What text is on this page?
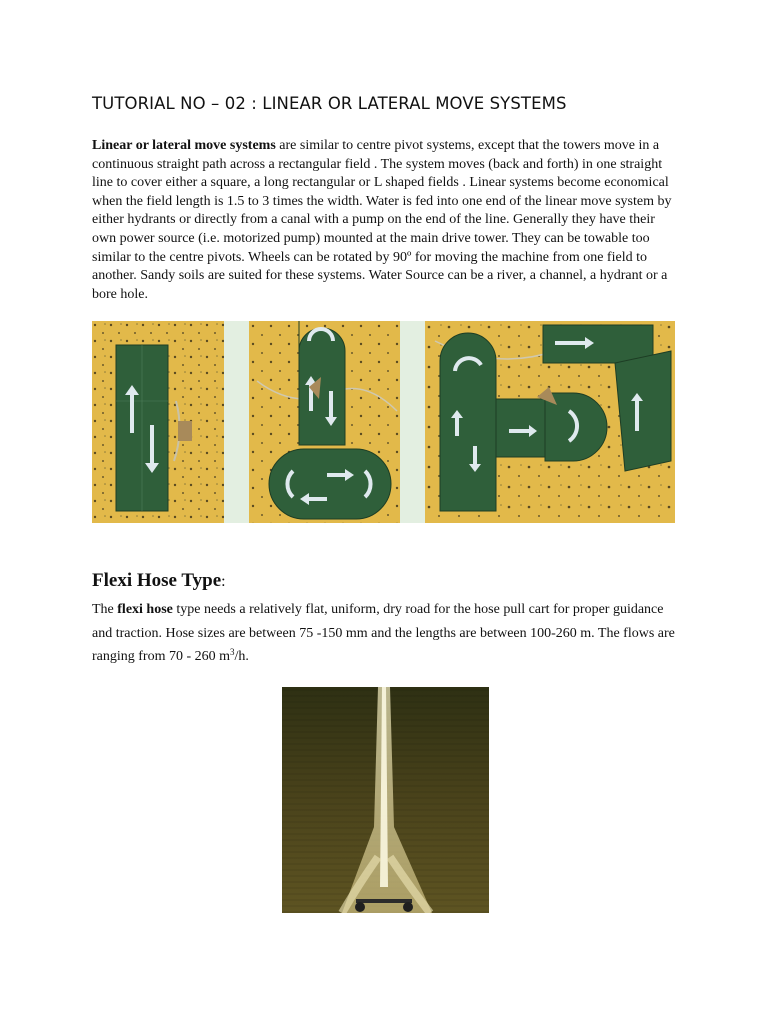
TUTORIAL NO – 02 : LINEAR OR LATERAL MOVE SYSTEMS

Linear or lateral move systems are similar to centre pivot systems, except that the towers move in a continuous straight path across a rectangular field . The system moves (back and forth) in one straight line to cover either a square, a long rectangular or L shaped fields . Linear systems become economical when the field length is 1.5 to 3 times the width. Water is fed into one end of the linear move system by either hydrants or directly from a canal with a pump on the end of the line. Generally they have their own power source (i.e. motorized pump) mounted at the main drive tower. They can be towable too similar to the centre pivots. Wheels can be rotated by 90º for moving the machine from one field to another. Sandy soils are suited for these systems. Water Source can be a river, a channel, a hydrant or a bore hole.

Flexi Hose Type:

The flexi hose type needs a relatively flat, uniform, dry road for the hose pull cart for proper guidance and traction. Hose sizes are between 75 -150 mm and the lengths are between 100-260 m. The flows are ranging from 70 - 260 $m^3/h$.
